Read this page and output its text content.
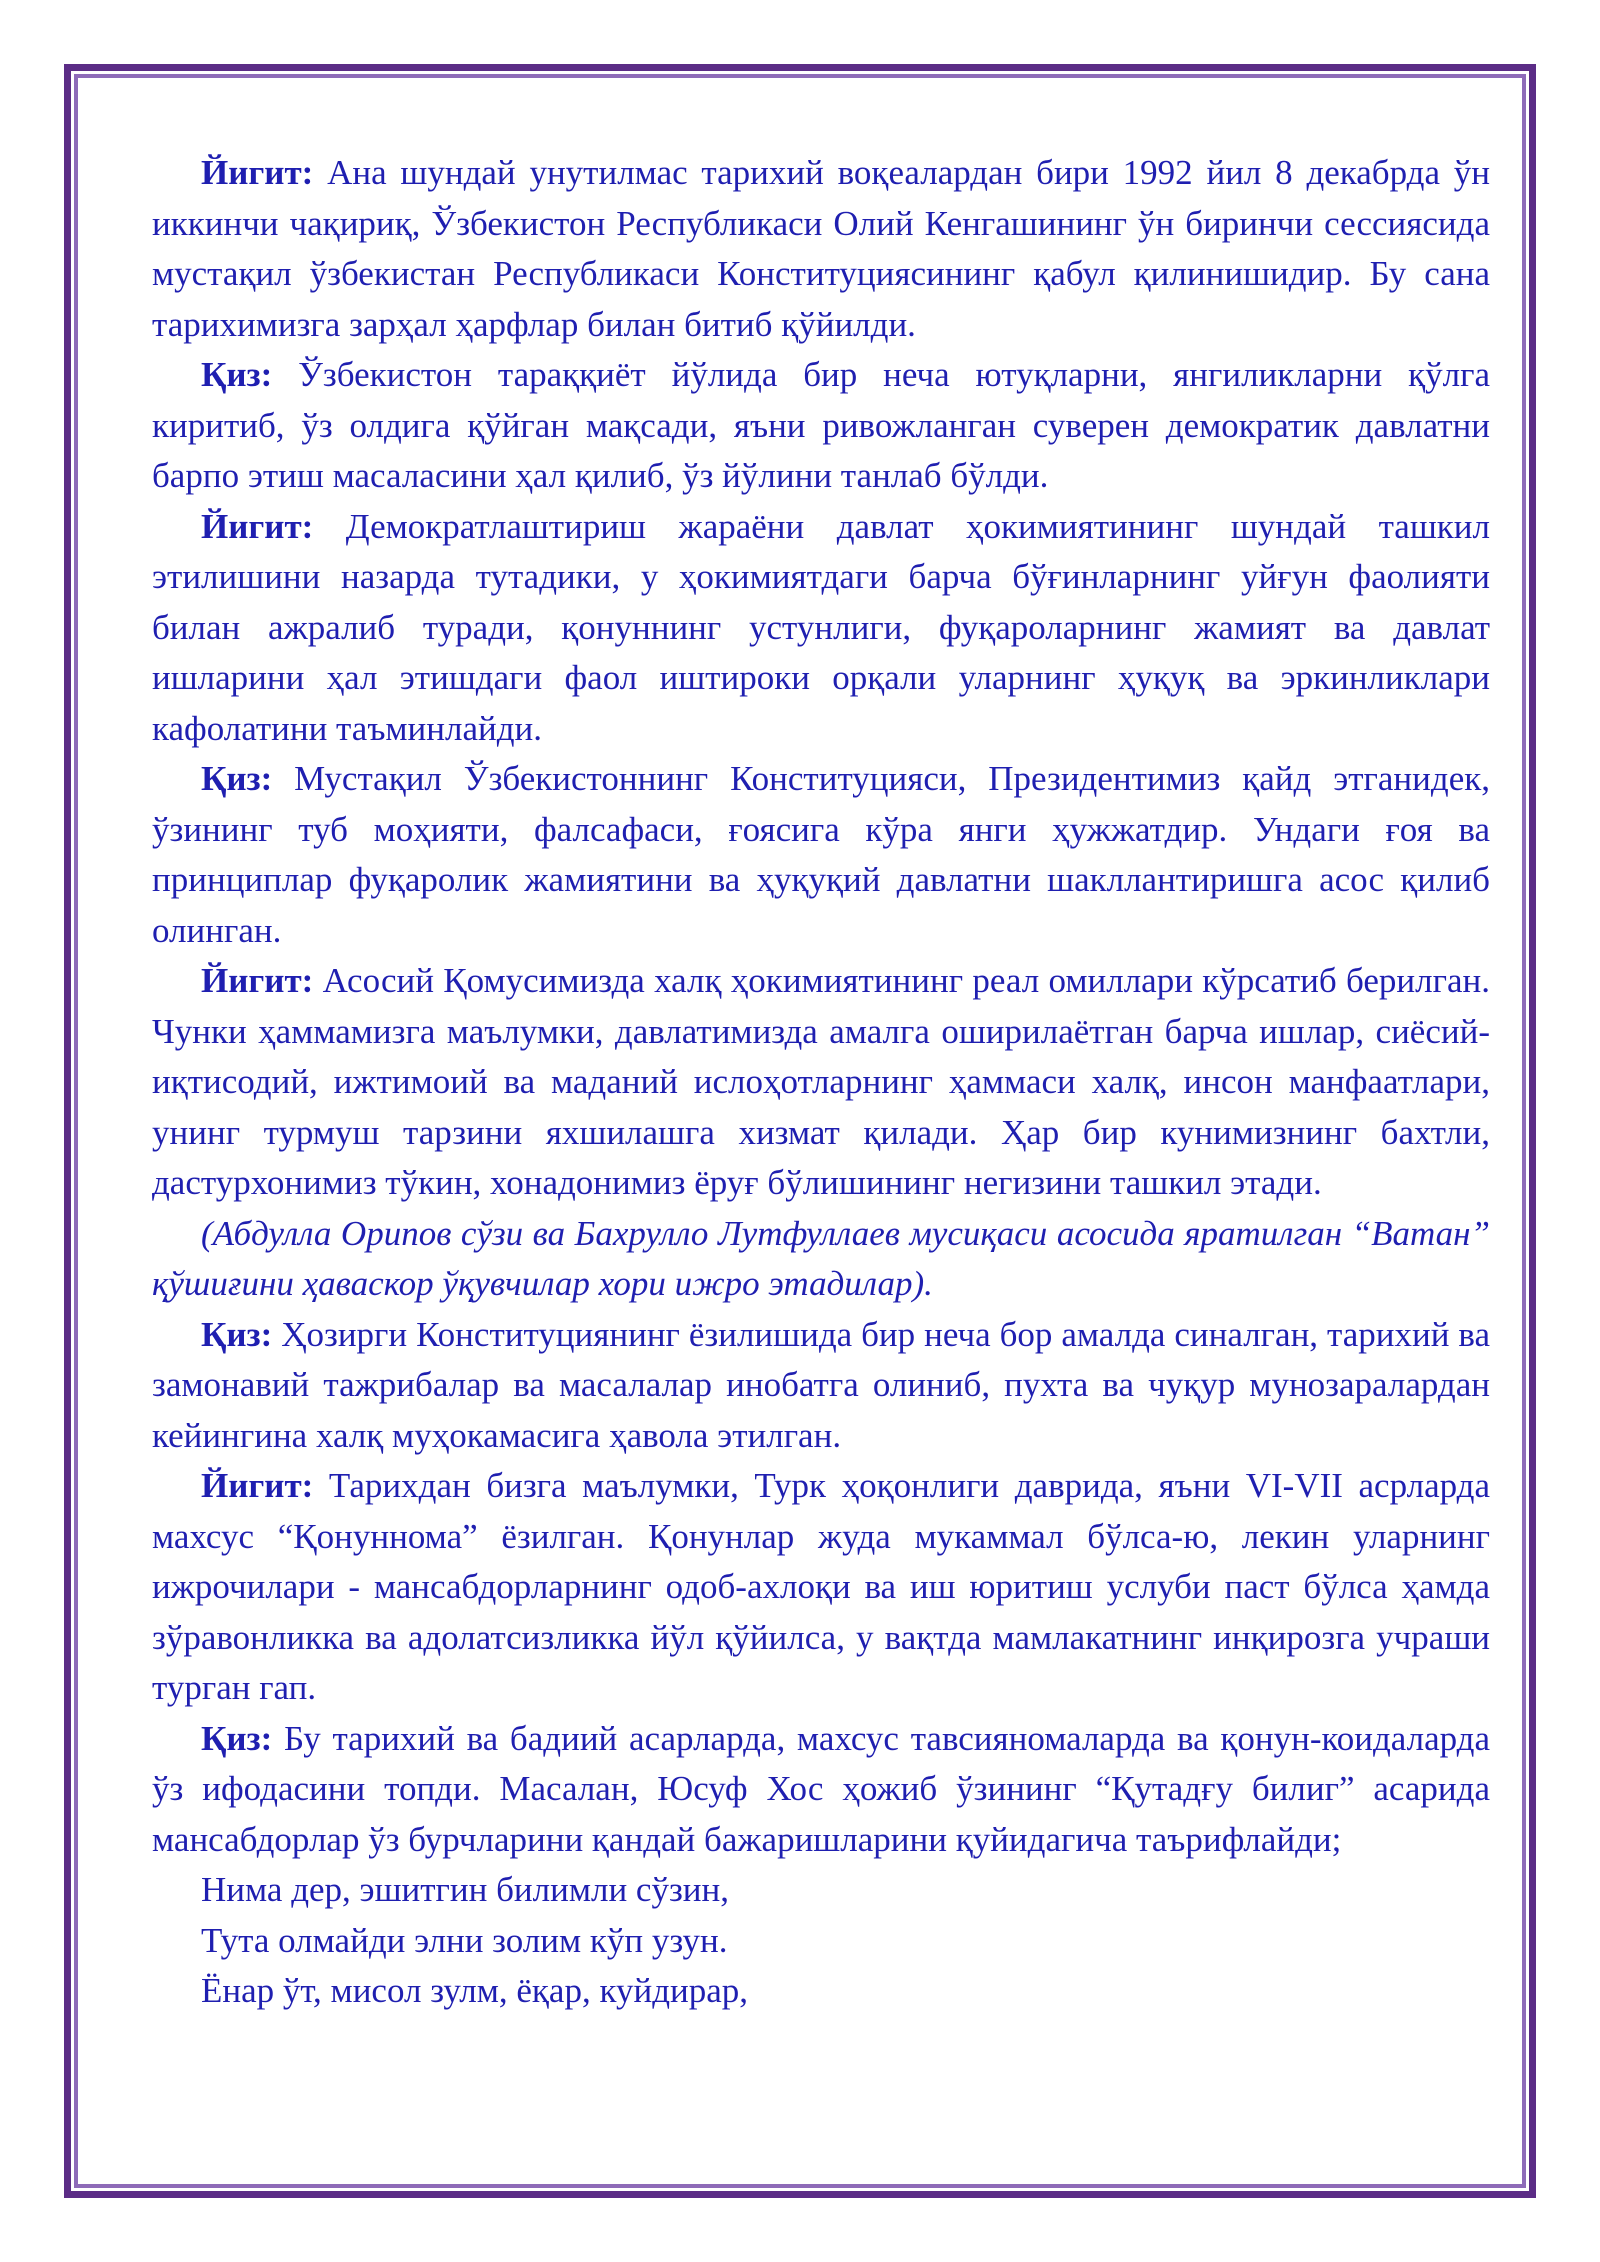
Йигит: Ана шундай унутилмас тарихий воқеалардан бири 1992 йил 8 декабрда ўн иккинчи чақириқ, Ўзбекистон Республикаси Олий Кенгашининг ўн биринчи сессиясида мустақил ўзбекистан Республикаси Конституциясининг қабул қилинишидир. Бу сана тарихимизга зарҳал ҳарфлар билан битиб қўйилди.

Қиз: Ўзбекистон тараққиёт йўлида бир неча ютуқларни, янгиликларни қўлга киритиб, ўз олдига қўйган мақсади, яъни ривожланган суверен демократик давлатни барпо этиш масаласини ҳал қилиб, ўз йўлини танлаб бўлди.

Йигит: Демократлаштириш жараёни давлат ҳокимиятининг шундай ташкил этилишини назарда тутадики, у ҳокимиятдаги барча бўғинларнинг уйғун фаолияти билан ажралиб туради, қонуннинг устунлиги, фуқароларнинг жамият ва давлат ишларини ҳал этишдаги фаол иштироки орқали уларнинг ҳуқуқ ва эркинликлари кафолатини таъминлайди.

Қиз: Мустақил Ўзбекистоннинг Конституцияси, Президентимиз қайд этганидек, ўзининг туб моҳияти, фалсафаси, ғоясига кўра янги ҳужжатдир. Ундаги ғоя ва принциплар фуқаролик жамиятини ва ҳуқуқий давлатни шакллантиришга асос қилиб олинган.

Йигит: Асосий Қомусимизда халқ ҳокимиятининг реал омиллари кўрсатиб берилган. Чунки ҳаммамизга маълумки, давлатимизда амалга оширилаётган барча ишлар, сиёсий-иқтисодий, ижтимоий ва маданий ислоҳотларнинг ҳаммаси халқ, инсон манфаатлари, унинг турмуш тарзини яхшилашга хизмат қилади. Ҳар бир кунимизнинг бахтли, дастурхонимиз тўкин, хонадонимиз ёруғ бўлишининг негизини ташкил этади.

(Абдулла Орипов сўзи ва Бахрулло Лутфуллаев мусиқаси асосида яратилган “Ватан” қўшиғини ҳаваскор ўқувчилар хори ижро этадилар).

Қиз: Ҳозирги Конституциянинг ёзилишида бир неча бор амалда синалган, тарихий ва замонавий тажрибалар ва масалалар инобатга олиниб, пухта ва чуқур мунозаралардан кейингина халқ муҳокамасига ҳавола этилган.

Йигит: Тарихдан бизга маълумки, Турк ҳоқонлиги даврида, яъни VI-VII асрларда махсус “Қонуннома” ёзилган. Қонунлар жуда мукаммал бўлса-ю, лекин уларнинг ижрочилари - мансабдорларнинг одоб-ахлоқи ва иш юритиш услуби паст бўлса ҳамда зўравонликка ва адолатсизликка йўл қўйилса, у вақтда мамлакатнинг инқирозга учраши турган гап.

Қиз: Бу тарихий ва бадиий асарларда, махсус тавсияномаларда ва қонун-коидаларда ўз ифодасини топди. Масалан, Юсуф Хос ҳожиб ўзининг “Қутадғу билиг” асарида мансабдорлар ўз бурчларини қандай бажаришларини қуйидагича таърифлайди;

Нима дер, эшитгин билимли сўзин,

Тута олмайди элни золим кўп узун.

Ёнар ўт, мисол зулм, ёқар, куйдирар,
